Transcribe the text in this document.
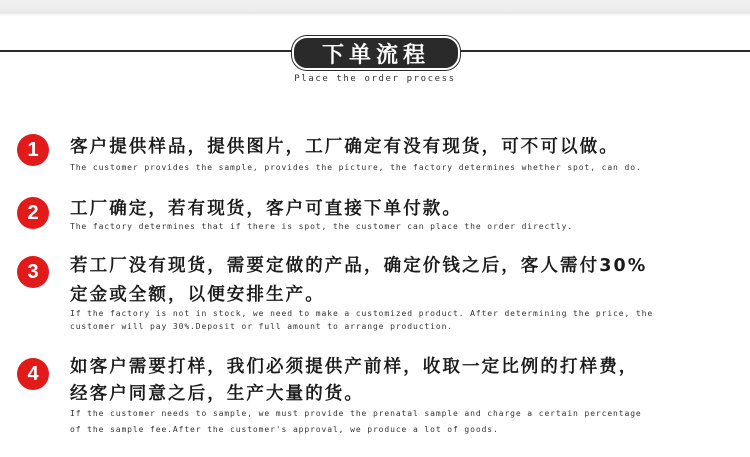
下单流程
Place the order process
1	客户提供样品，提供图片，工厂确定有没有现货，可不可以做。
The customer provides the sample, provides the picture, the factory determines whether spot, can do.
2	工厂确定，若有现货，客户可直接下单付款。
The factory determines that if there is spot, the customer can place the order directly.
3	若工厂没有现货，需要定做的产品，确定价钱之后，客人需付30%
定金或全额，以便安排生产。
If the factory is not in stock, we need to make a customized product. After determining the price, the
customer will pay 30%.Deposit or full amount to arrange production.
4	如客户需要打样，我们必须提供产前样，收取一定比例的打样费，
经客户同意之后，生产大量的货。
If the customer needs to sample, we must provide the prenatal sample and charge a certain percentage
of the sample fee.After the customer's approval, we produce a lot of goods.
